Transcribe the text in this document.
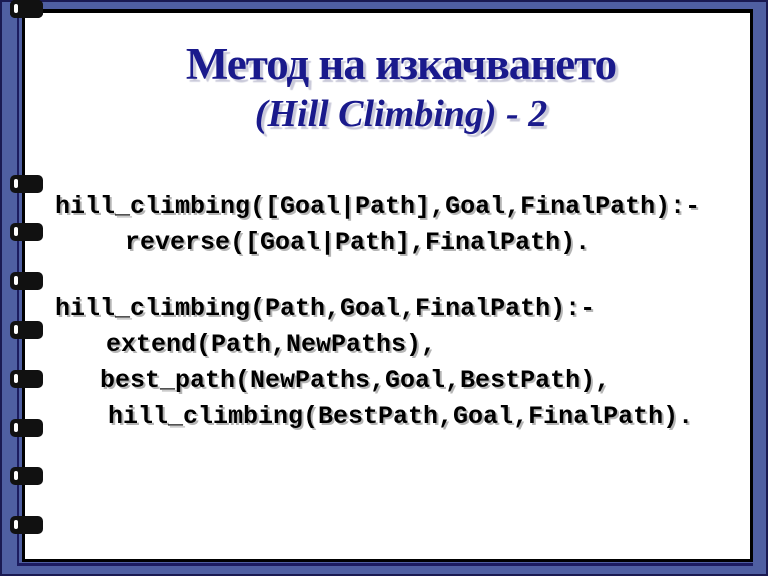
Метод на изкачването
(Hill Climbing) - 2
hill_climbing([Goal|Path],Goal,FinalPath):-
reverse([Goal|Path],FinalPath).
hill_climbing(Path,Goal,FinalPath):-
extend(Path,NewPaths),
best_path(NewPaths,Goal,BestPath),
hill_climbing(BestPath,Goal,FinalPath).
